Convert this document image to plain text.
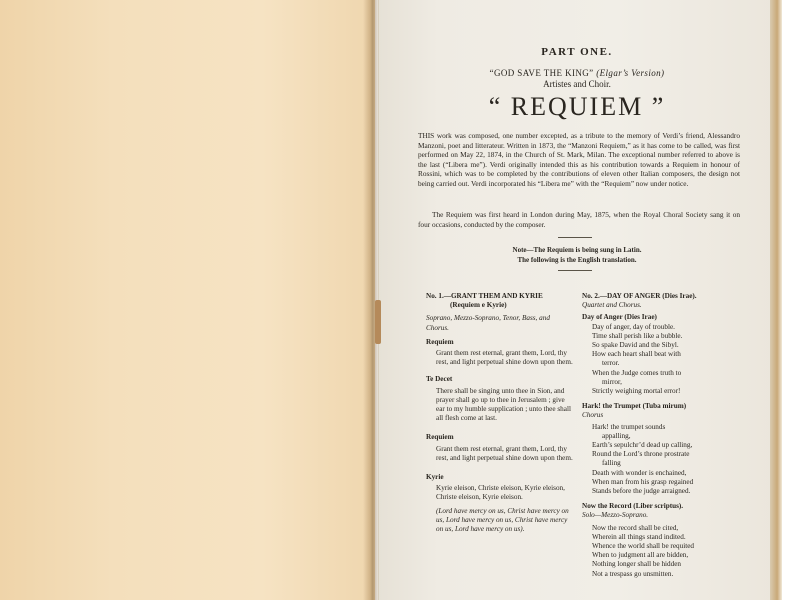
PART ONE.
“GOD SAVE THE KING” (Elgar’s Version)
Artistes and Choir.
“ REQUIEM ”
THIS work was composed, one number excepted, as a tribute to the memory of Verdi’s friend, Alessandro Manzoni, poet and litterateur. Written in 1873, the “Manzoni Requiem,” as it has come to be called, was first performed on May 22, 1874, in the Church of St. Mark, Milan. The exceptional number referred to above is the last (“Libera me”). Verdi originally intended this as his contribution towards a Requiem in honour of Rossini, which was to be completed by the contributions of eleven other Italian composers, the design not being carried out. Verdi incorporated his “Libera me” with the “Requiem” now under notice.
The Requiem was first heard in London during May, 1875, when the Royal Choral Society sang it on four occasions, conducted by the composer.
Note—The Requiem is being sung in Latin.
The following is the English translation.
No. 1.—GRANT THEM AND KYRIE
(Requiem e Kyrie)
Soprano, Mezzo-Soprano, Tenor, Bass, and Chorus.
Requiem

Grant them rest eternal, grant them, Lord, thy rest, and light perpetual shine down upon them.

Te Decet

There shall be singing unto thee in Sion, and prayer shall go up to thee in Jerusalem ; give ear to my humble supplication ; unto thee shall all flesh come at last.

Requiem

Grant them rest eternal, grant them, Lord, thy rest, and light perpetual shine down upon them.

Kyrie

Kyrie eleison, Christe eleison, Kyrie eleison, Christe eleison, Kyrie eleison.

(Lord have mercy on us, Christ have mercy on us, Lord have mercy on us, Christ have mercy on us, Lord have mercy on us).

No. 2.—DAY OF ANGER (Dies Irae).
Quartet and Chorus.
Day of Anger (Dies Irae)
Day of anger, day of trouble.
Time shall perish like a bubble.
So spake David and the Sibyl.
How each heart shall beat with
terror.
When the Judge comes truth to
mirror,
Strictly weighing mortal error!
Hark! the Trumpet (Tuba mirum)
Chorus
Hark! the trumpet sounds
appalling,
Earth’s sepulchr’d dead up calling,
Round the Lord’s throne prostrate
falling
Death with wonder is enchained,
When man from his grasp regained
Stands before the judge arraigned.
Now the Record (Liber scriptus).
Solo—Mezzo-Soprano.
Now the record shall be cited,
Wherein all things stand indited.
Whence the world shall be requited
When to judgment all are bidden,
Nothing longer shall be hidden
Not a trespass go unsmitten.
